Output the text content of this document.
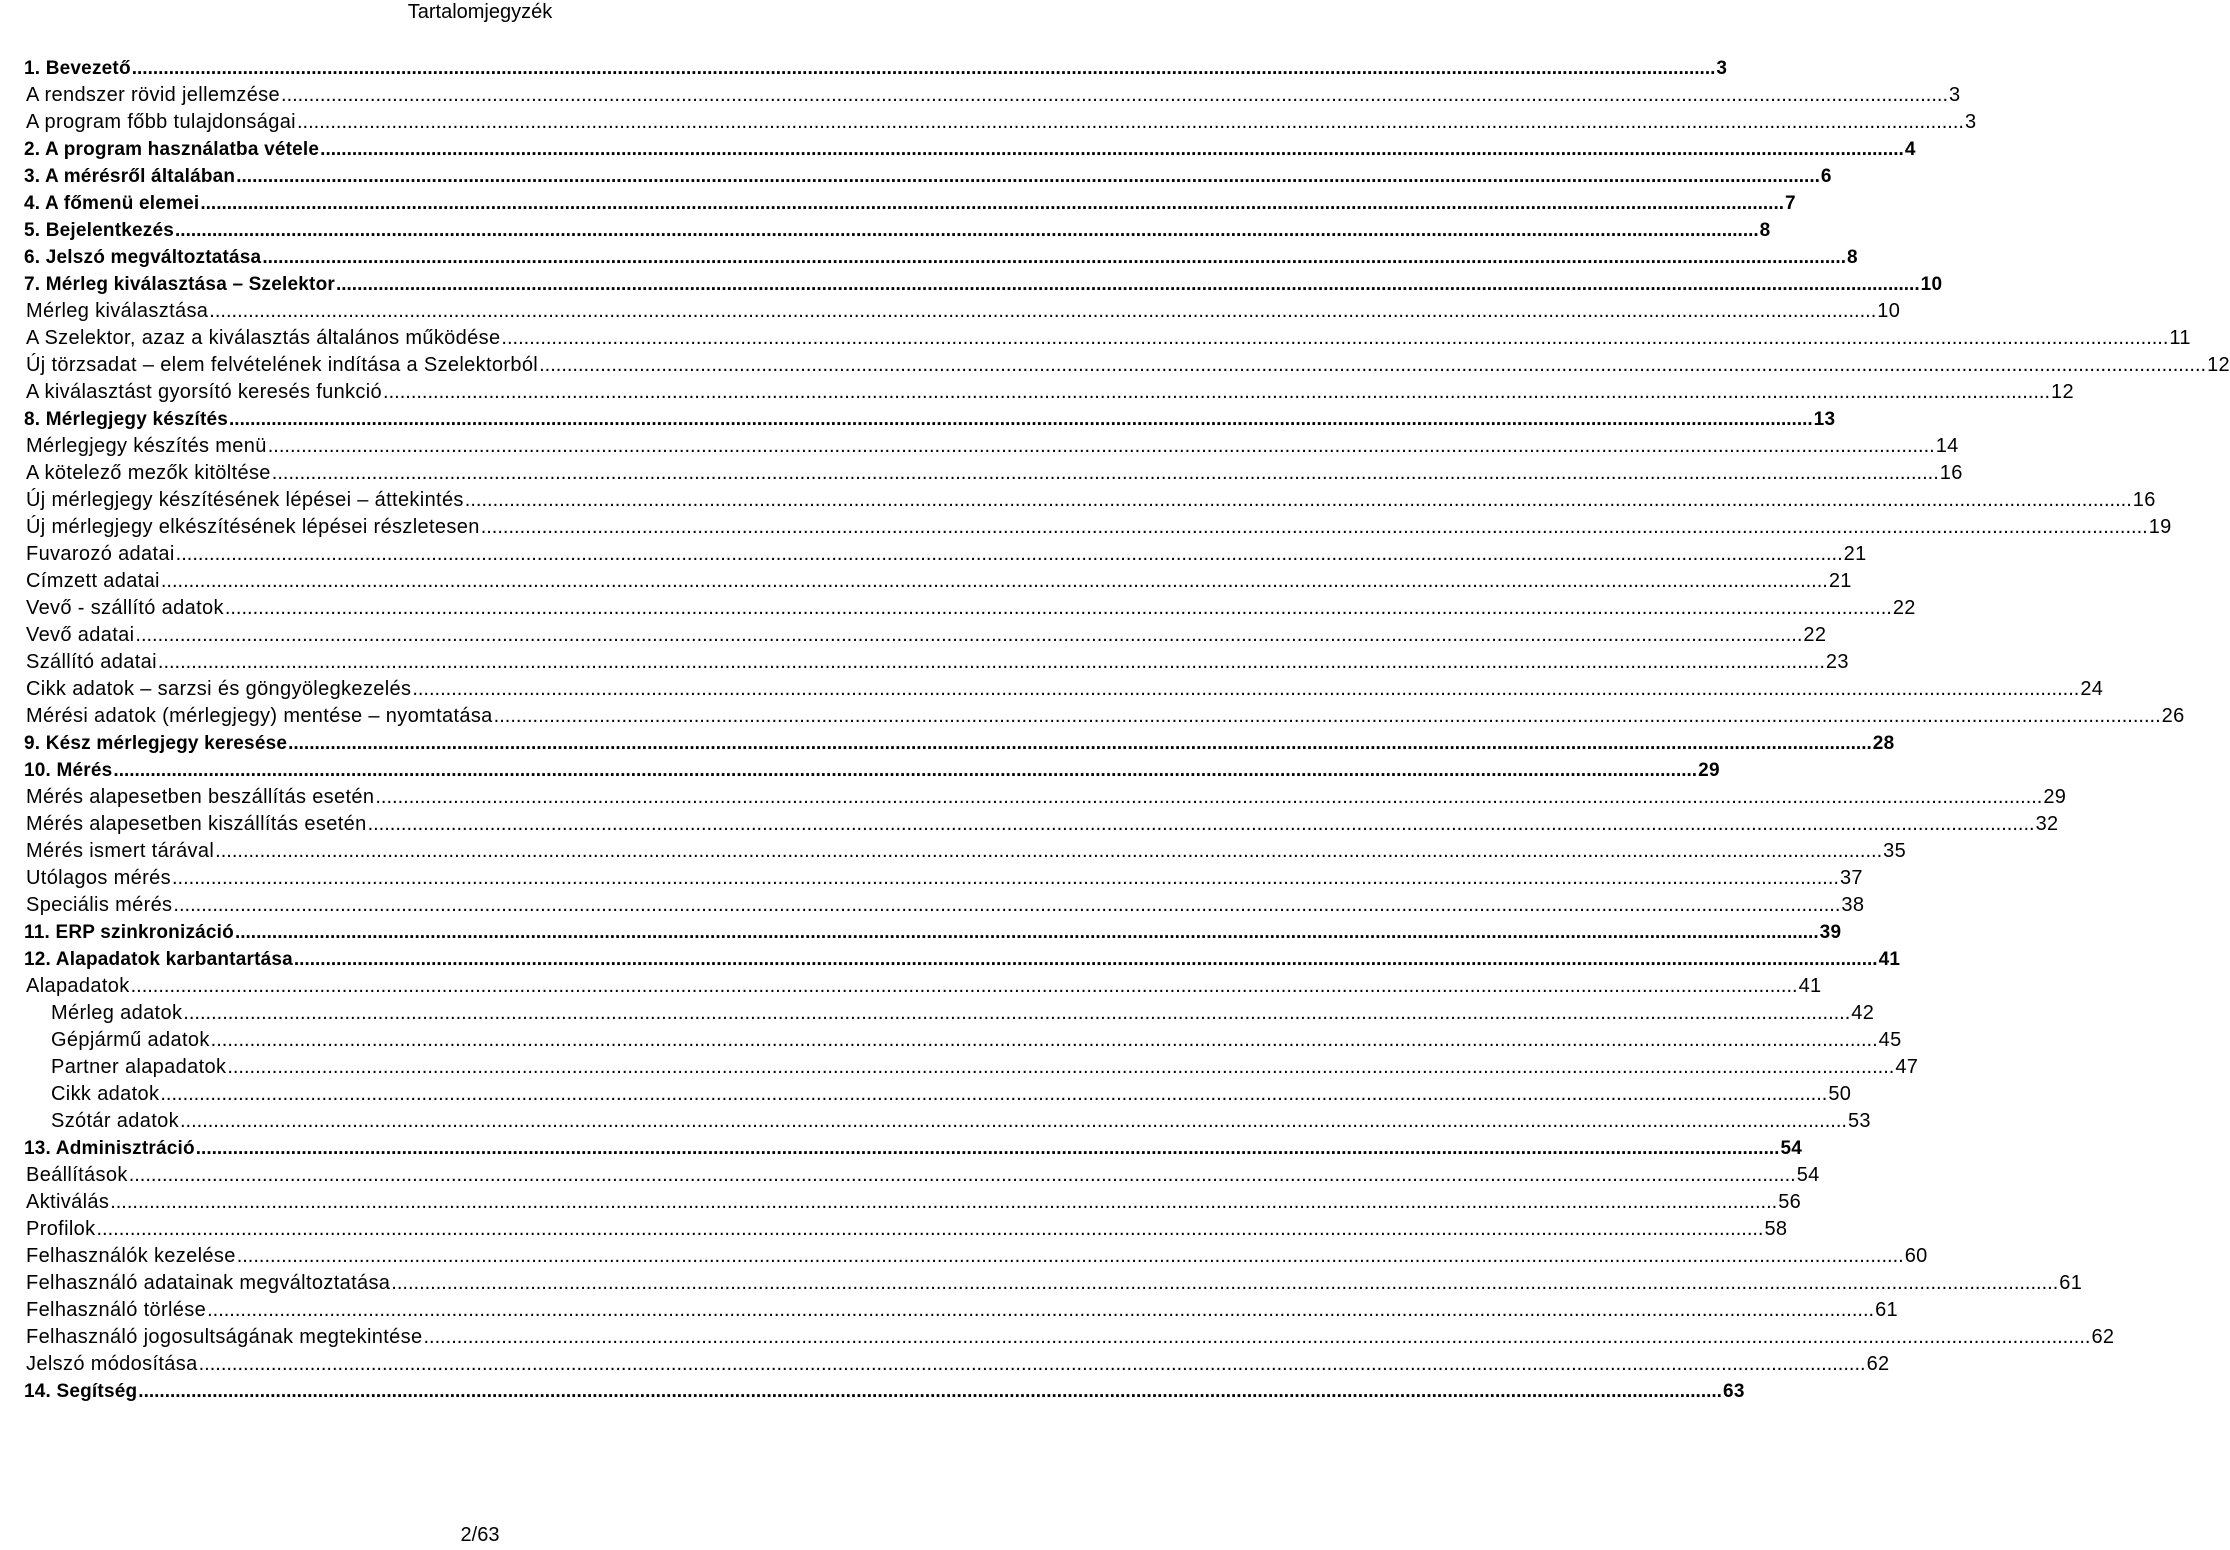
Tartalomjegyzék
1. Bevezető ............................................................................................................................................................................................................................................................................................................ 3
A rendszer rövid jellemzése ............................................................................................................................................................................................................................................................................................................ 3
A program főbb tulajdonságai ............................................................................................................................................................................................................................................................................................................ 3
2. A program használatba vétele ............................................................................................................................................................................................................................................................................................................ 4
3. A mérésről általában ............................................................................................................................................................................................................................................................................................................ 6
4. A főmenü elemei ............................................................................................................................................................................................................................................................................................................ 7
5. Bejelentkezés ............................................................................................................................................................................................................................................................................................................ 8
6. Jelszó megváltoztatása ............................................................................................................................................................................................................................................................................................................ 8
7. Mérleg kiválasztása – Szelektor ............................................................................................................................................................................................................................................................................................................ 10
Mérleg kiválasztása ............................................................................................................................................................................................................................................................................................................ 10
A Szelektor, azaz a kiválasztás általános működése ............................................................................................................................................................................................................................................................................................................ 11
Új törzsadat – elem felvételének indítása a Szelektorból ............................................................................................................................................................................................................................................................................................................ 12
A kiválasztást gyorsító keresés funkció ............................................................................................................................................................................................................................................................................................................ 12
8. Mérlegjegy készítés ............................................................................................................................................................................................................................................................................................................ 13
Mérlegjegy készítés menü ............................................................................................................................................................................................................................................................................................................ 14
A kötelező mezők kitöltése ............................................................................................................................................................................................................................................................................................................ 16
Új mérlegjegy készítésének lépései – áttekintés ............................................................................................................................................................................................................................................................................................................ 16
Új mérlegjegy elkészítésének lépései részletesen ............................................................................................................................................................................................................................................................................................................ 19
Fuvarozó adatai ............................................................................................................................................................................................................................................................................................................ 21
Címzett adatai ............................................................................................................................................................................................................................................................................................................ 21
Vevő - szállító adatok ............................................................................................................................................................................................................................................................................................................ 22
Vevő adatai ............................................................................................................................................................................................................................................................................................................ 22
Szállító adatai ............................................................................................................................................................................................................................................................................................................ 23
Cikk adatok – sarzsi és göngyölegkezelés ............................................................................................................................................................................................................................................................................................................ 24
Mérési adatok (mérlegjegy) mentése – nyomtatása ............................................................................................................................................................................................................................................................................................................ 26
9. Kész mérlegjegy keresése ............................................................................................................................................................................................................................................................................................................ 28
10. Mérés ............................................................................................................................................................................................................................................................................................................ 29
Mérés alapesetben beszállítás esetén ............................................................................................................................................................................................................................................................................................................ 29
Mérés alapesetben kiszállítás esetén ............................................................................................................................................................................................................................................................................................................ 32
Mérés ismert tárával ............................................................................................................................................................................................................................................................................................................ 35
Utólagos mérés ............................................................................................................................................................................................................................................................................................................ 37
Speciális mérés ............................................................................................................................................................................................................................................................................................................ 38
11. ERP szinkronizáció ............................................................................................................................................................................................................................................................................................................ 39
12. Alapadatok karbantartása ............................................................................................................................................................................................................................................................................................................ 41
Alapadatok ............................................................................................................................................................................................................................................................................................................ 41
Mérleg adatok ............................................................................................................................................................................................................................................................................................................ 42
Gépjármű adatok ............................................................................................................................................................................................................................................................................................................ 45
Partner alapadatok ............................................................................................................................................................................................................................................................................................................ 47
Cikk adatok ............................................................................................................................................................................................................................................................................................................ 50
Szótár adatok ............................................................................................................................................................................................................................................................................................................ 53
13. Adminisztráció ............................................................................................................................................................................................................................................................................................................ 54
Beállítások ............................................................................................................................................................................................................................................................................................................ 54
Aktiválás ............................................................................................................................................................................................................................................................................................................ 56
Profilok ............................................................................................................................................................................................................................................................................................................ 58
Felhasználók kezelése ............................................................................................................................................................................................................................................................................................................ 60
Felhasználó adatainak megváltoztatása ............................................................................................................................................................................................................................................................................................................ 61
Felhasználó törlése ............................................................................................................................................................................................................................................................................................................ 61
Felhasználó jogosultságának megtekintése ............................................................................................................................................................................................................................................................................................................ 62
Jelszó módosítása ............................................................................................................................................................................................................................................................................................................ 62
14. Segítség ............................................................................................................................................................................................................................................................................................................ 63
2/63
